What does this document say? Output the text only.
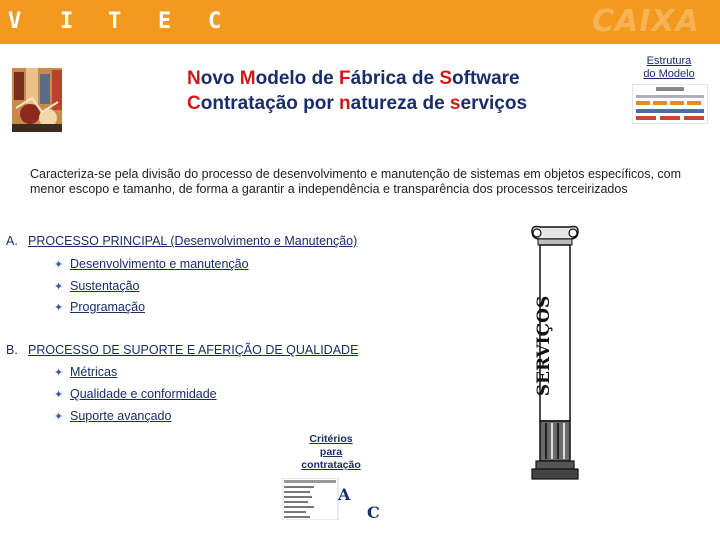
V I T E C	CAIXA
Novo Modelo de Fábrica de Software
Contratação por natureza de serviços
Estrutura
do Modelo
Caracteriza-se pela divisão do processo de desenvolvimento e manutenção de sistemas em objetos específicos, com menor escopo e tamanho, de forma a garantir a independência e transparência dos processos terceirizados
A. PROCESSO PRINCIPAL (Desenvolvimento e Manutenção)
✦ Desenvolvimento e manutenção
✦ Sustentação
✦ Programação
B. PROCESSO DE SUPORTE E AFERIÇÃO DE QUALIDADE
✦ Métricas
✦ Qualidade e conformidade
✦ Suporte avançado
SERVIÇOS
Critérios
para
contratação
A
C
